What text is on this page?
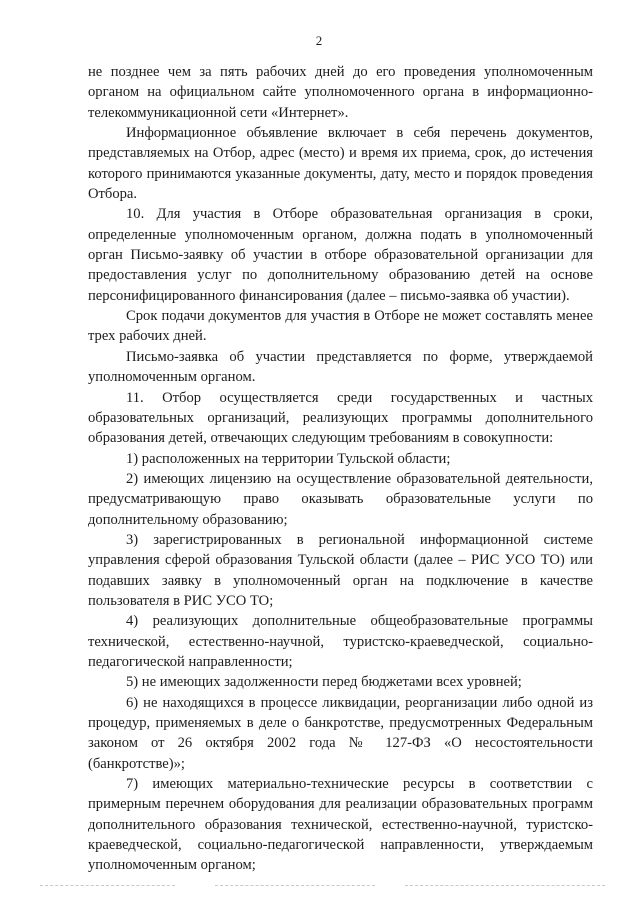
2

не позднее чем за пять рабочих дней до его проведения уполномоченным органом на официальном сайте уполномоченного органа в информационно-телекоммуникационной сети «Интернет».

Информационное объявление включает в себя перечень документов, представляемых на Отбор, адрес (место) и время их приема, срок, до истечения которого принимаются указанные документы, дату, место и порядок проведения Отбора.

10. Для участия в Отборе образовательная организация в сроки, определенные уполномоченным органом, должна подать в уполномоченный орган Письмо-заявку об участии в отборе образовательной организации для предоставления услуг по дополнительному образованию детей на основе персонифицированного финансирования (далее – письмо-заявка об участии).

Срок подачи документов для участия в Отборе не может составлять менее трех рабочих дней.

Письмо-заявка об участии представляется по форме, утверждаемой уполномоченным органом.

11. Отбор осуществляется среди государственных и частных образовательных организаций, реализующих программы дополнительного образования детей, отвечающих следующим требованиям в совокупности:

1) расположенных на территории Тульской области;

2) имеющих лицензию на осуществление образовательной деятельности, предусматривающую право оказывать образовательные услуги по дополнительному образованию;

3) зарегистрированных в региональной информационной системе управления сферой образования Тульской области (далее – РИС УСО ТО) или подавших заявку в уполномоченный орган на подключение в качестве пользователя в РИС УСО ТО;

4) реализующих дополнительные общеобразовательные программы технической, естественно-научной, туристско-краеведческой, социально-педагогической направленности;

5) не имеющих задолженности перед бюджетами всех уровней;

6) не находящихся в процессе ликвидации, реорганизации либо одной из процедур, применяемых в деле о банкротстве, предусмотренных Федеральным законом от 26 октября 2002 года № 127-ФЗ «О несостоятельности (банкротстве)»;

7) имеющих материально-технические ресурсы в соответствии с примерным перечнем оборудования для реализации образовательных программ дополнительного образования технической, естественно-научной, туристско-краеведческой, социально-педагогической направленности, утверждаемым уполномоченным органом;
